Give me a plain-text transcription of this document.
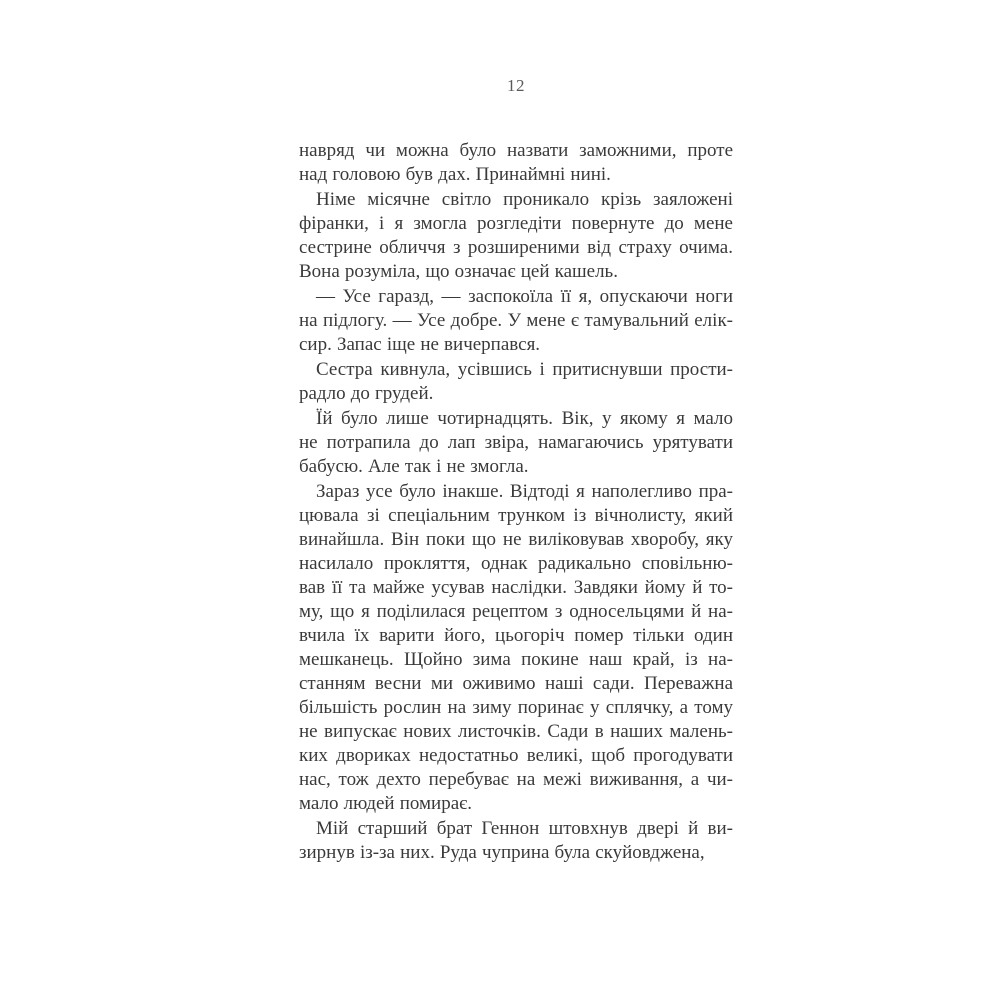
12
навряд чи можна було назвати заможними, проте
над головою був дах. Принаймні нині.
Німе місячне світло проникало крізь заяложені
фіранки, і я змогла розгледіти повернуте до мене
сестрине обличчя з розширеними від страху очима.
Вона розуміла, що означає цей кашель.
— Усе гаразд, — заспокоїла її я, опускаючи ноги
на підлогу. — Усе добре. У мене є тамувальний елік-
сир. Запас іще не вичерпався.
Сестра кивнула, усівшись і притиснувши прости-
радло до грудей.
Їй було лише чотирнадцять. Вік, у якому я мало
не потрапила до лап звіра, намагаючись урятувати
бабусю. Але так і не змогла.
Зараз усе було інакше. Відтоді я наполегливо пра-
цювала зі спеціальним трунком із вічнолисту, який
винайшла. Він поки що не виліковував хворобу, яку
насилало прокляття, однак радикально сповільню-
вав її та майже усував наслідки. Завдяки йому й то-
му, що я поділилася рецептом з односельцями й на-
вчила їх варити його, цьогоріч помер тільки один
мешканець. Щойно зима покине наш край, із на-
станням весни ми оживимо наші сади. Переважна
більшість рослин на зиму поринає у сплячку, а тому
не випускає нових листочків. Сади в наших малень-
ких двориках недостатньо великі, щоб прогодувати
нас, тож дехто перебуває на межі виживання, а чи-
мало людей помирає.
Мій старший брат Геннон штовхнув двері й ви-
зирнув із-за них. Руда чуприна була скуйовджена,
